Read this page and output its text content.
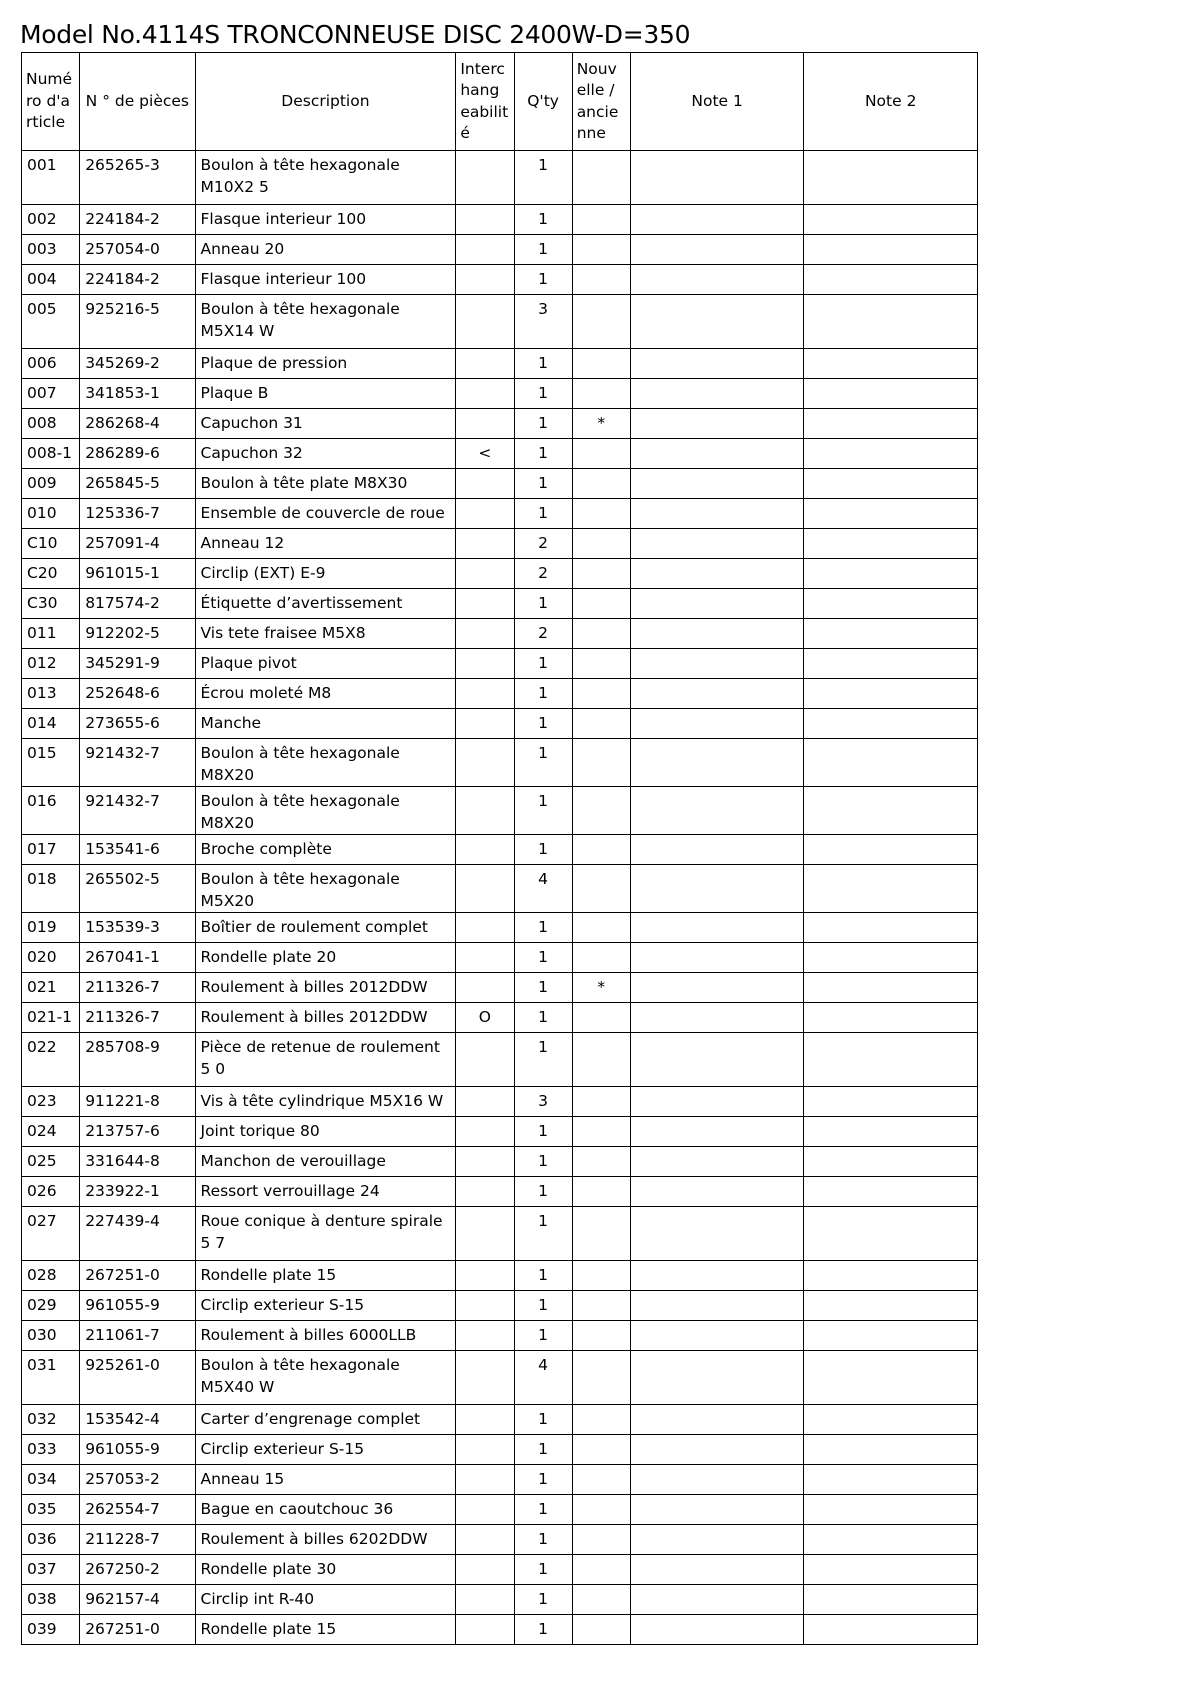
Model No.4114S TRONCONNEUSE DISC 2400W-D=350
Numé ro d'a rticle	N ° de pièces	Description	Interc hang eabilit é	Q'ty	Nouv elle / ancie nne	Note 1	Note 2
001	265265-3	Boulon à tête hexagonale M10X2 5		1			
002	224184-2	Flasque interieur 100		1			
003	257054-0	Anneau 20		1			
004	224184-2	Flasque interieur 100		1			
005	925216-5	Boulon à tête hexagonale M5X14 W		3			
006	345269-2	Plaque de pression		1			
007	341853-1	Plaque B		1			
008	286268-4	Capuchon 31		1	*		
008-1	286289-6	Capuchon 32	<	1			
009	265845-5	Boulon à tête plate M8X30		1			
010	125336-7	Ensemble de couvercle de roue		1			
C10	257091-4	Anneau 12		2			
C20	961015-1	Circlip (EXT) E-9		2			
C30	817574-2	Étiquette d’avertissement		1			
011	912202-5	Vis tete fraisee M5X8		2			
012	345291-9	Plaque pivot		1			
013	252648-6	Écrou moleté M8		1			
014	273655-6	Manche		1			
015	921432-7	Boulon à tête hexagonale M8X20		1			
016	921432-7	Boulon à tête hexagonale M8X20		1			
017	153541-6	Broche complète		1			
018	265502-5	Boulon à tête hexagonale M5X20		4			
019	153539-3	Boîtier de roulement complet		1			
020	267041-1	Rondelle plate 20		1			
021	211326-7	Roulement à billes 2012DDW		1	*		
021-1	211326-7	Roulement à billes 2012DDW	O	1			
022	285708-9	Pièce de retenue de roulement 5 0		1			
023	911221-8	Vis à tête cylindrique M5X16 W		3			
024	213757-6	Joint torique 80		1			
025	331644-8	Manchon de verouillage		1			
026	233922-1	Ressort verrouillage 24		1			
027	227439-4	Roue conique à denture spirale 5 7		1			
028	267251-0	Rondelle plate 15		1			
029	961055-9	Circlip exterieur S-15		1			
030	211061-7	Roulement à billes 6000LLB		1			
031	925261-0	Boulon à tête hexagonale M5X40 W		4			
032	153542-4	Carter d’engrenage complet		1			
033	961055-9	Circlip exterieur S-15		1			
034	257053-2	Anneau 15		1			
035	262554-7	Bague en caoutchouc 36		1			
036	211228-7	Roulement à billes 6202DDW		1			
037	267250-2	Rondelle plate 30		1			
038	962157-4	Circlip int R-40		1			
039	267251-0	Rondelle plate 15		1			
